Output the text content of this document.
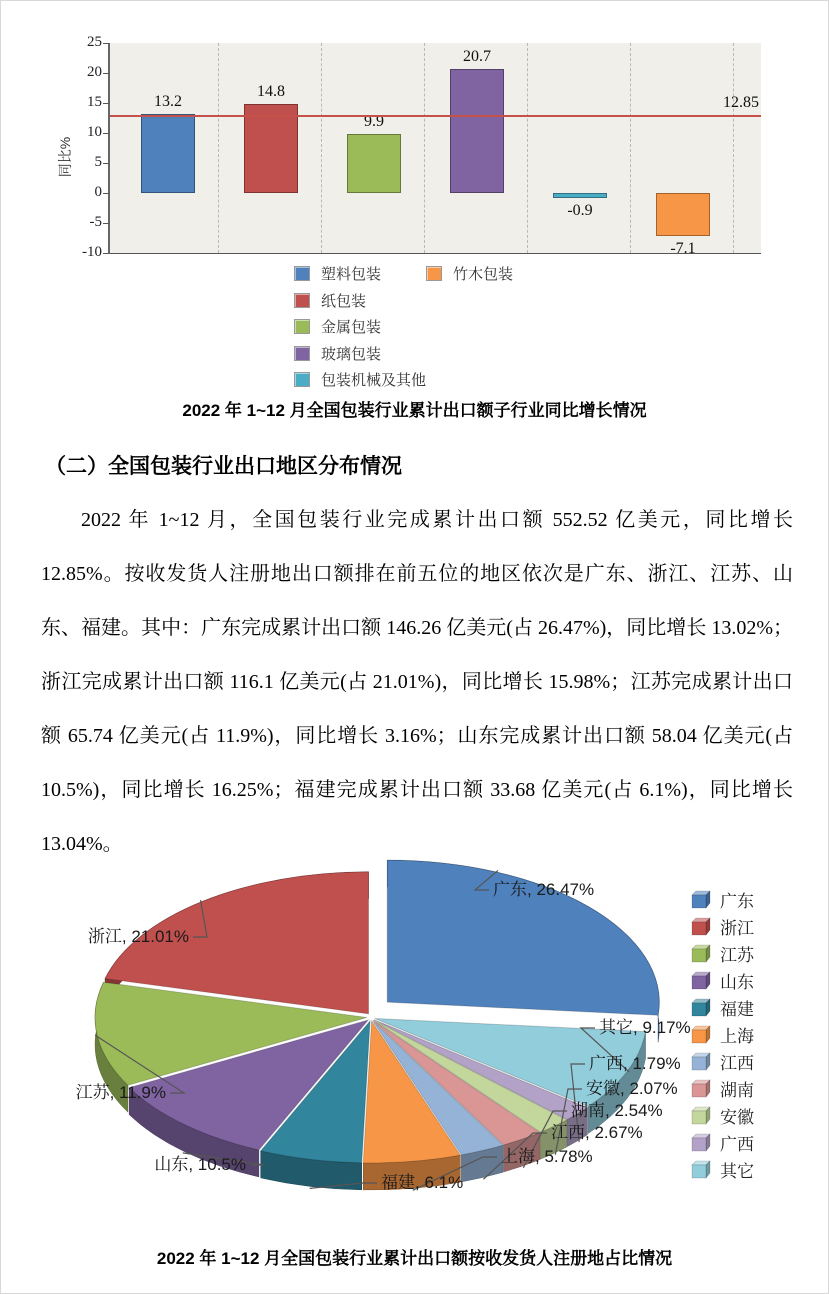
同比%
25
20
15
10
5
0
-5
-10
13.2
14.8
9.9
20.7
-0.9
-7.1
12.85
塑料包装
纸包装
金属包装
玻璃包装
包装机械及其他
竹木包装
2022 年 1~12 月全国包装行业累计出口额子行业同比增长情况
（二）全国包装行业出口地区分布情况
2022 年 1~12 月，全国包装行业完成累计出口额 552.52 亿美元，同比增长 12.85%。按收发货人注册地出口额排在前五位的地区依次是广东、浙江、江苏、山东、福建。其中：广东完成累计出口额 146.26 亿美元(占 26.47%)，同比增长 13.02%；浙江完成累计出口额 116.1 亿美元(占 21.01%)，同比增长 15.98%；江苏完成累计出口额 65.74 亿美元(占 11.9%)，同比增长 3.16%；山东完成累计出口额 58.04 亿美元(占 10.5%)，同比增长 16.25%；福建完成累计出口额 33.68 亿美元(占 6.1%)，同比增长 13.04%。
广东, 26.47%
其它, 9.17%
广西, 1.79%
安徽, 2.07%
湖南, 2.54%
江西, 2.67%
上海, 5.78%
福建, 6.1%
山东, 10.5%
江苏, 11.9%
浙江, 21.01%
广东
浙江
江苏
山东
福建
上海
江西
湖南
安徽
广西
其它
2022 年 1~12 月全国包装行业累计出口额按收发货人注册地占比情况
